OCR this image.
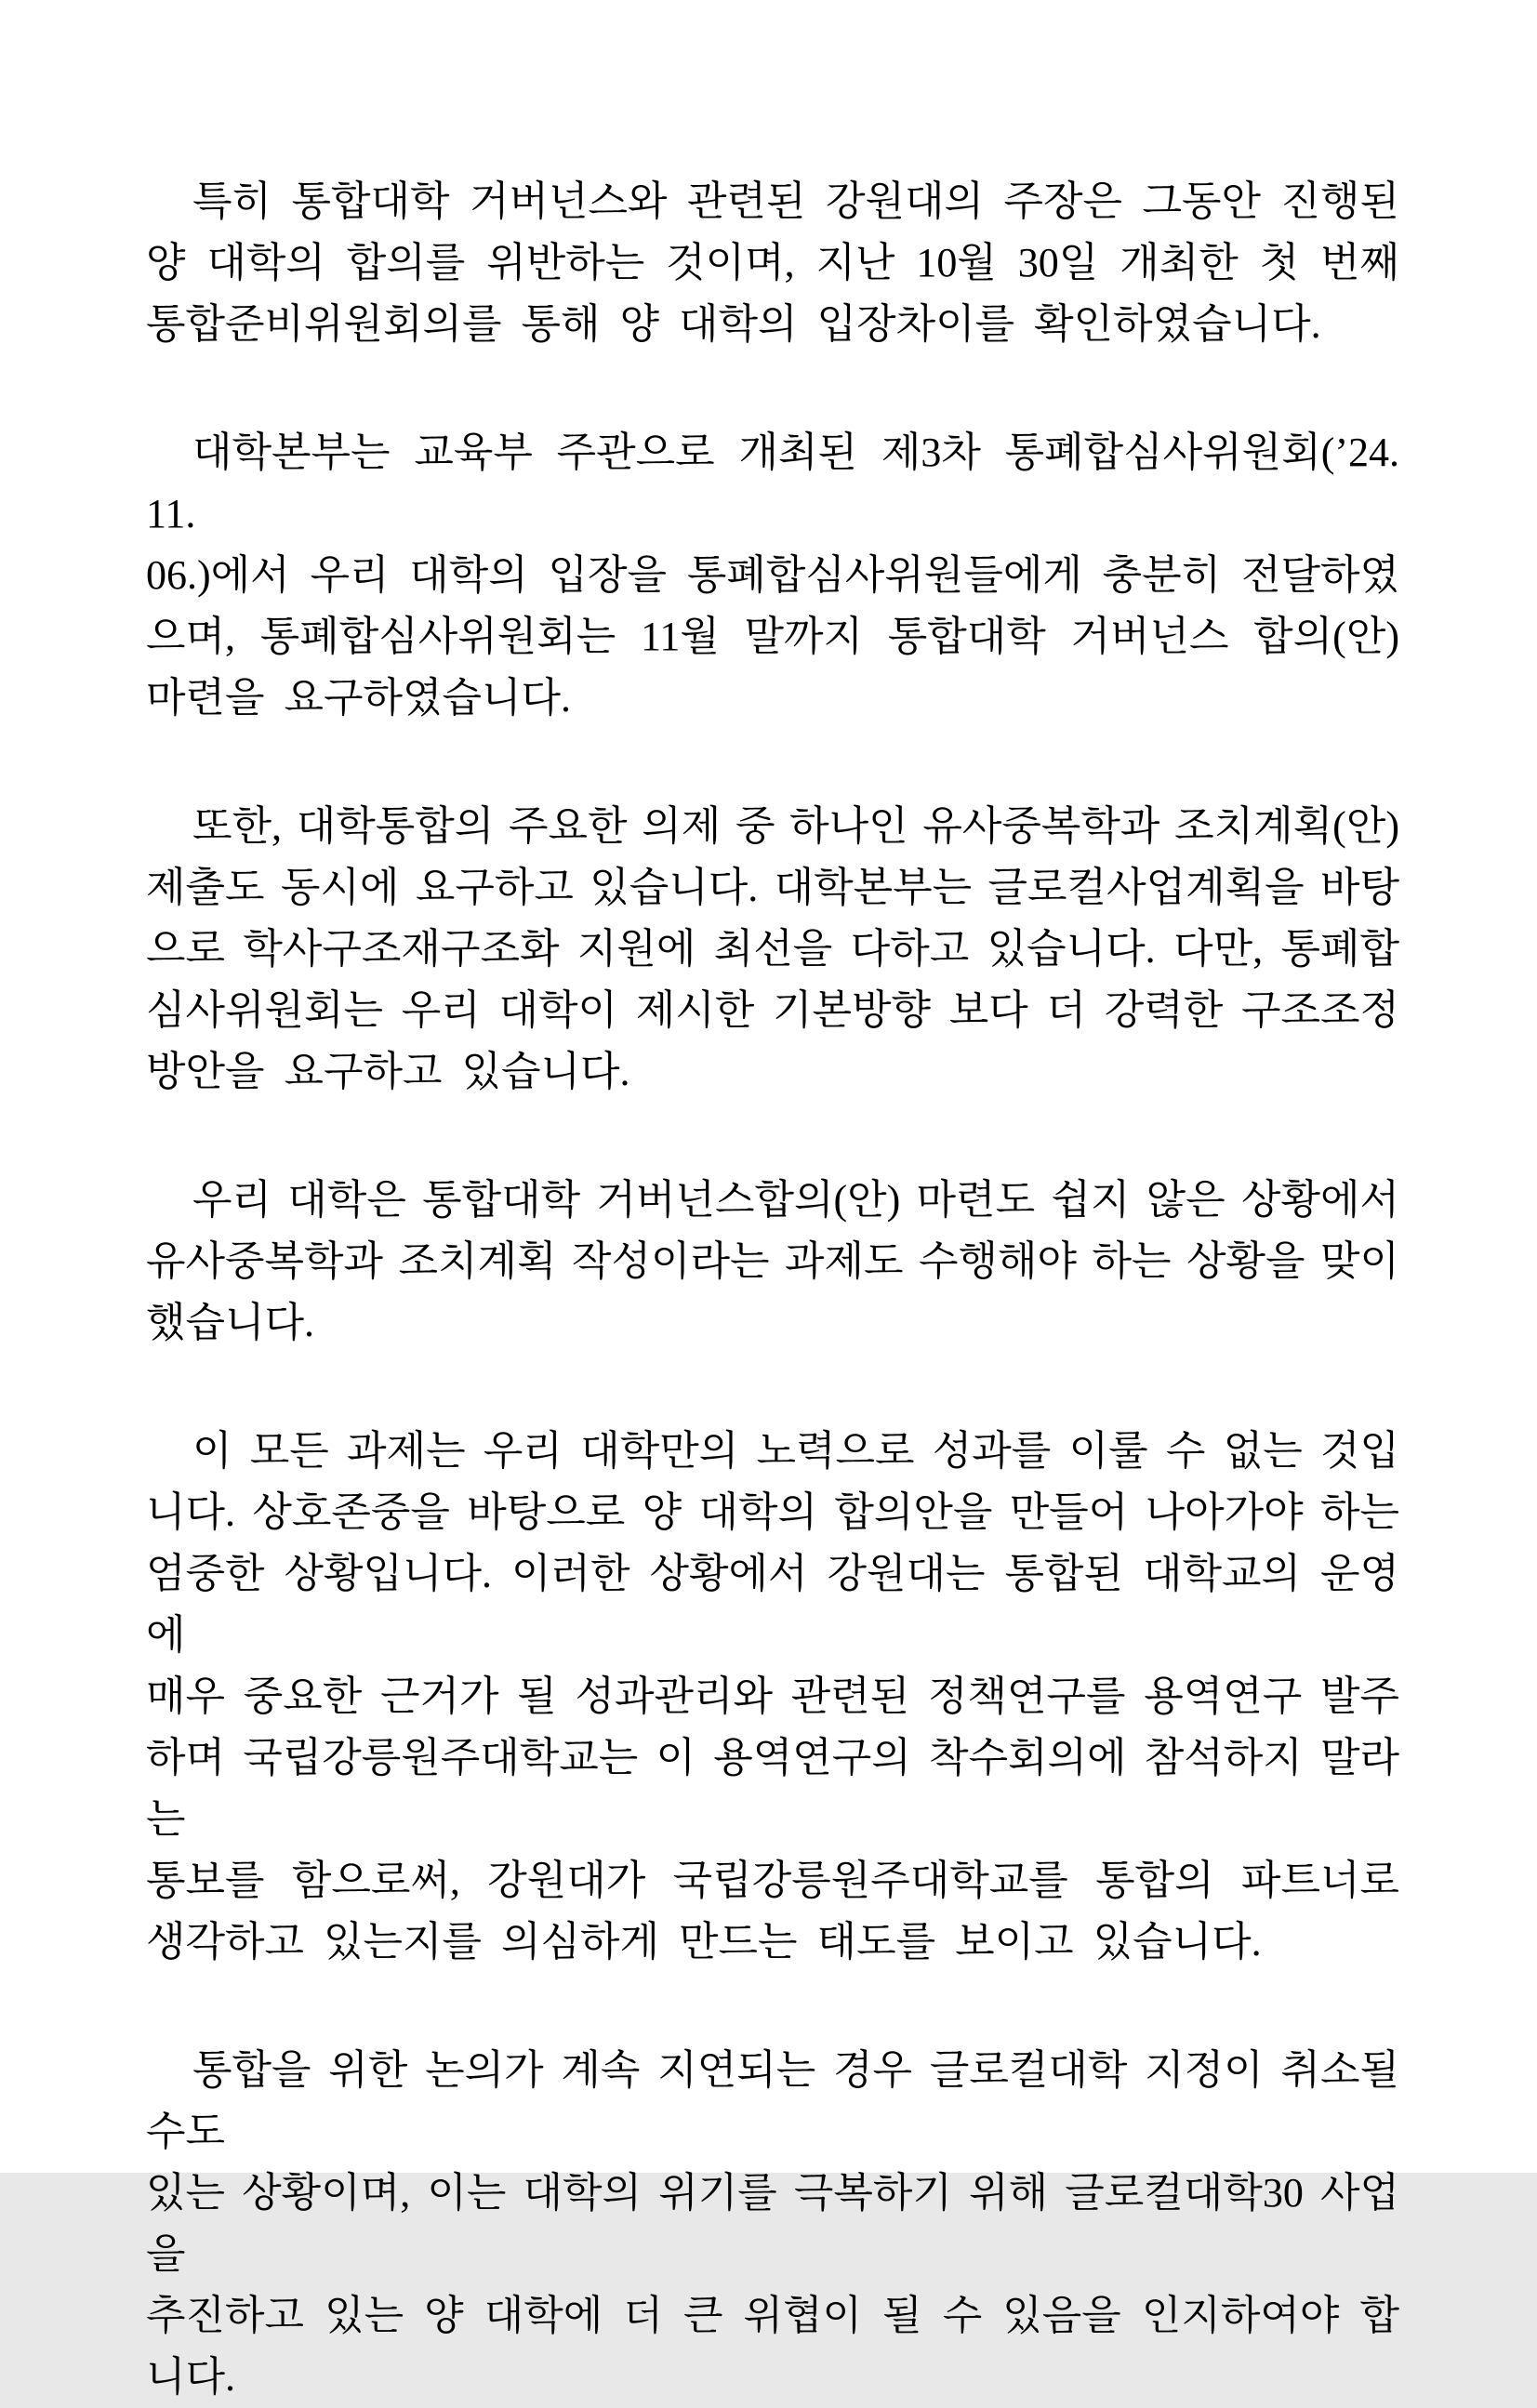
특히 통합대학 거버넌스와 관련된 강원대의 주장은 그동안 진행된
양 대학의 합의를 위반하는 것이며, 지난 10월 30일 개최한 첫 번째
통합준비위원회의를 통해 양 대학의 입장차이를 확인하였습니다.
대학본부는 교육부 주관으로 개최된 제3차 통폐합심사위원회(’24. 11.
06.)에서 우리 대학의 입장을 통폐합심사위원들에게 충분히 전달하였
으며, 통폐합심사위원회는 11월 말까지 통합대학 거버넌스 합의(안)
마련을 요구하였습니다.
또한, 대학통합의 주요한 의제 중 하나인 유사중복학과 조치계획(안)
제출도 동시에 요구하고 있습니다. 대학본부는 글로컬사업계획을 바탕
으로 학사구조재구조화 지원에 최선을 다하고 있습니다. 다만, 통폐합
심사위원회는 우리 대학이 제시한 기본방향 보다 더 강력한 구조조정
방안을 요구하고 있습니다.
우리 대학은 통합대학 거버넌스합의(안) 마련도 쉽지 않은 상황에서
유사중복학과 조치계획 작성이라는 과제도 수행해야 하는 상황을 맞이
했습니다.
이 모든 과제는 우리 대학만의 노력으로 성과를 이룰 수 없는 것입
니다. 상호존중을 바탕으로 양 대학의 합의안을 만들어 나아가야 하는
엄중한 상황입니다. 이러한 상황에서 강원대는 통합된 대학교의 운영에
매우 중요한 근거가 될 성과관리와 관련된 정책연구를 용역연구 발주
하며 국립강릉원주대학교는 이 용역연구의 착수회의에 참석하지 말라는
통보를 함으로써, 강원대가 국립강릉원주대학교를 통합의 파트너로
생각하고 있는지를 의심하게 만드는 태도를 보이고 있습니다.
통합을 위한 논의가 계속 지연되는 경우 글로컬대학 지정이 취소될 수도
있는 상황이며, 이는 대학의 위기를 극복하기 위해 글로컬대학30 사업을
추진하고 있는 양 대학에 더 큰 위협이 될 수 있음을 인지하여야 합니다.
